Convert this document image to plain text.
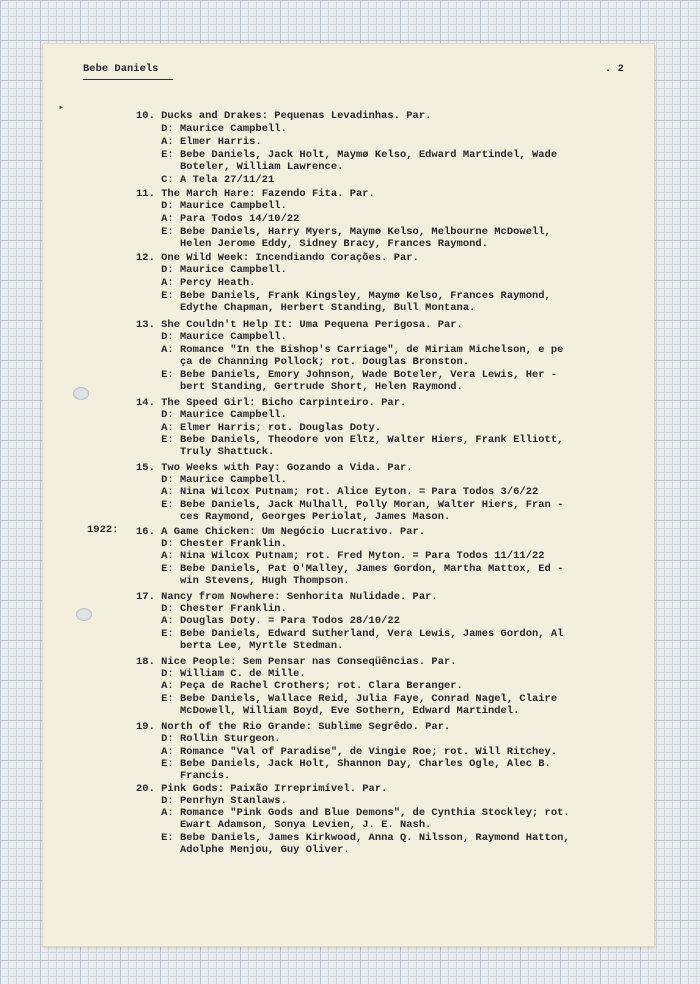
Bebe Daniels	. 2

‣

1922:

10. Ducks and Drakes: Pequenas Levadinhas. Par.

D: Maurice Campbell.

A: Elmer Harris.

E: Bebe Daniels, Jack Holt, Maymø Kelso, Edward Martindel, Wade

Boteler, William Lawrence.

C: A Tela 27/11/21

11. The March Hare: Fazendo Fita. Par.

D: Maurice Campbell.

A: Para Todos 14/10/22

E: Bebe Daniels, Harry Myers, Maymø Kelso, Melbourne McDowell,

Helen Jerome Eddy, Sidney Bracy, Frances Raymond.

12. One Wild Week: Incendiando Corações. Par.

D: Maurice Campbell.

A: Percy Heath.

E: Bebe Daniels, Frank Kingsley, Maymø Kelso, Frances Raymond,

Edythe Chapman, Herbert Standing, Bull Montana.

13. She Couldn't Help It: Uma Pequena Perigosa. Par.

D: Maurice Campbell.

A: Romance "In the Bishop's Carriage", de Miriam Michelson, e pe

ça de Channing Pollock; rot. Douglas Bronston.

E: Bebe Daniels, Emory Johnson, Wade Boteler, Vera Lewis, Her -

bert Standing, Gertrude Short, Helen Raymond.

14. The Speed Girl: Bicho Carpinteiro. Par.

D: Maurice Campbell.

A: Elmer Harris; rot. Douglas Doty.

E: Bebe Daniels, Theodore von Eltz, Walter Hiers, Frank Elliott,

Truly Shattuck.

15. Two Weeks with Pay: Gozando a Vida. Par.

D: Maurice Campbell.

A: Nina Wilcox Putnam; rot. Alice Eyton. = Para Todos 3/6/22

E: Bebe Daniels, Jack Mulhall, Polly Moran, Walter Hiers, Fran -

ces Raymond, Georges Periolat, James Mason.

16. A Game Chicken: Um Negócio Lucrativo. Par.

D: Chester Franklin.

A: Nina Wilcox Putnam; rot. Fred Myton. = Para Todos 11/11/22

E: Bebe Daniels, Pat O'Malley, James Gordon, Martha Mattox, Ed -

win Stevens, Hugh Thompson.

17. Nancy from Nowhere: Senhorita Nulidade. Par.

D: Chester Franklin.

A: Douglas Doty. = Para Todos 28/10/22

E: Bebe Daniels, Edward Sutherland, Vera Lewis, James Gordon, Al

berta Lee, Myrtle Stedman.

18. Nice People: Sem Pensar nas Conseqüências. Par.

D: William C. de Mille.

A: Peça de Rachel Crothers; rot. Clara Beranger.

E: Bebe Daniels, Wallace Reid, Julia Faye, Conrad Nagel, Claire

McDowell, William Boyd, Eve Sothern, Edward Martindel.

19. North of the Rio Grande: Sublime Segrêdo. Par.

D: Rollin Sturgeon.

A: Romance "Val of Paradise", de Vingie Roe; rot. Will Ritchey.

E: Bebe Daniels, Jack Holt, Shannon Day, Charles Ogle, Alec B.

Francis.

20. Pink Gods: Paixão Irreprimível. Par.

D: Penrhyn Stanlaws.

A: Romance "Pink Gods and Blue Demons", de Cynthia Stockley; rot.

Ewart Adamson, Sonya Levien, J. E. Nash.

E: Bebe Daniels, James Kirkwood, Anna Q. Nilsson, Raymond Hatton,

Adolphe Menjou, Guy Oliver.
